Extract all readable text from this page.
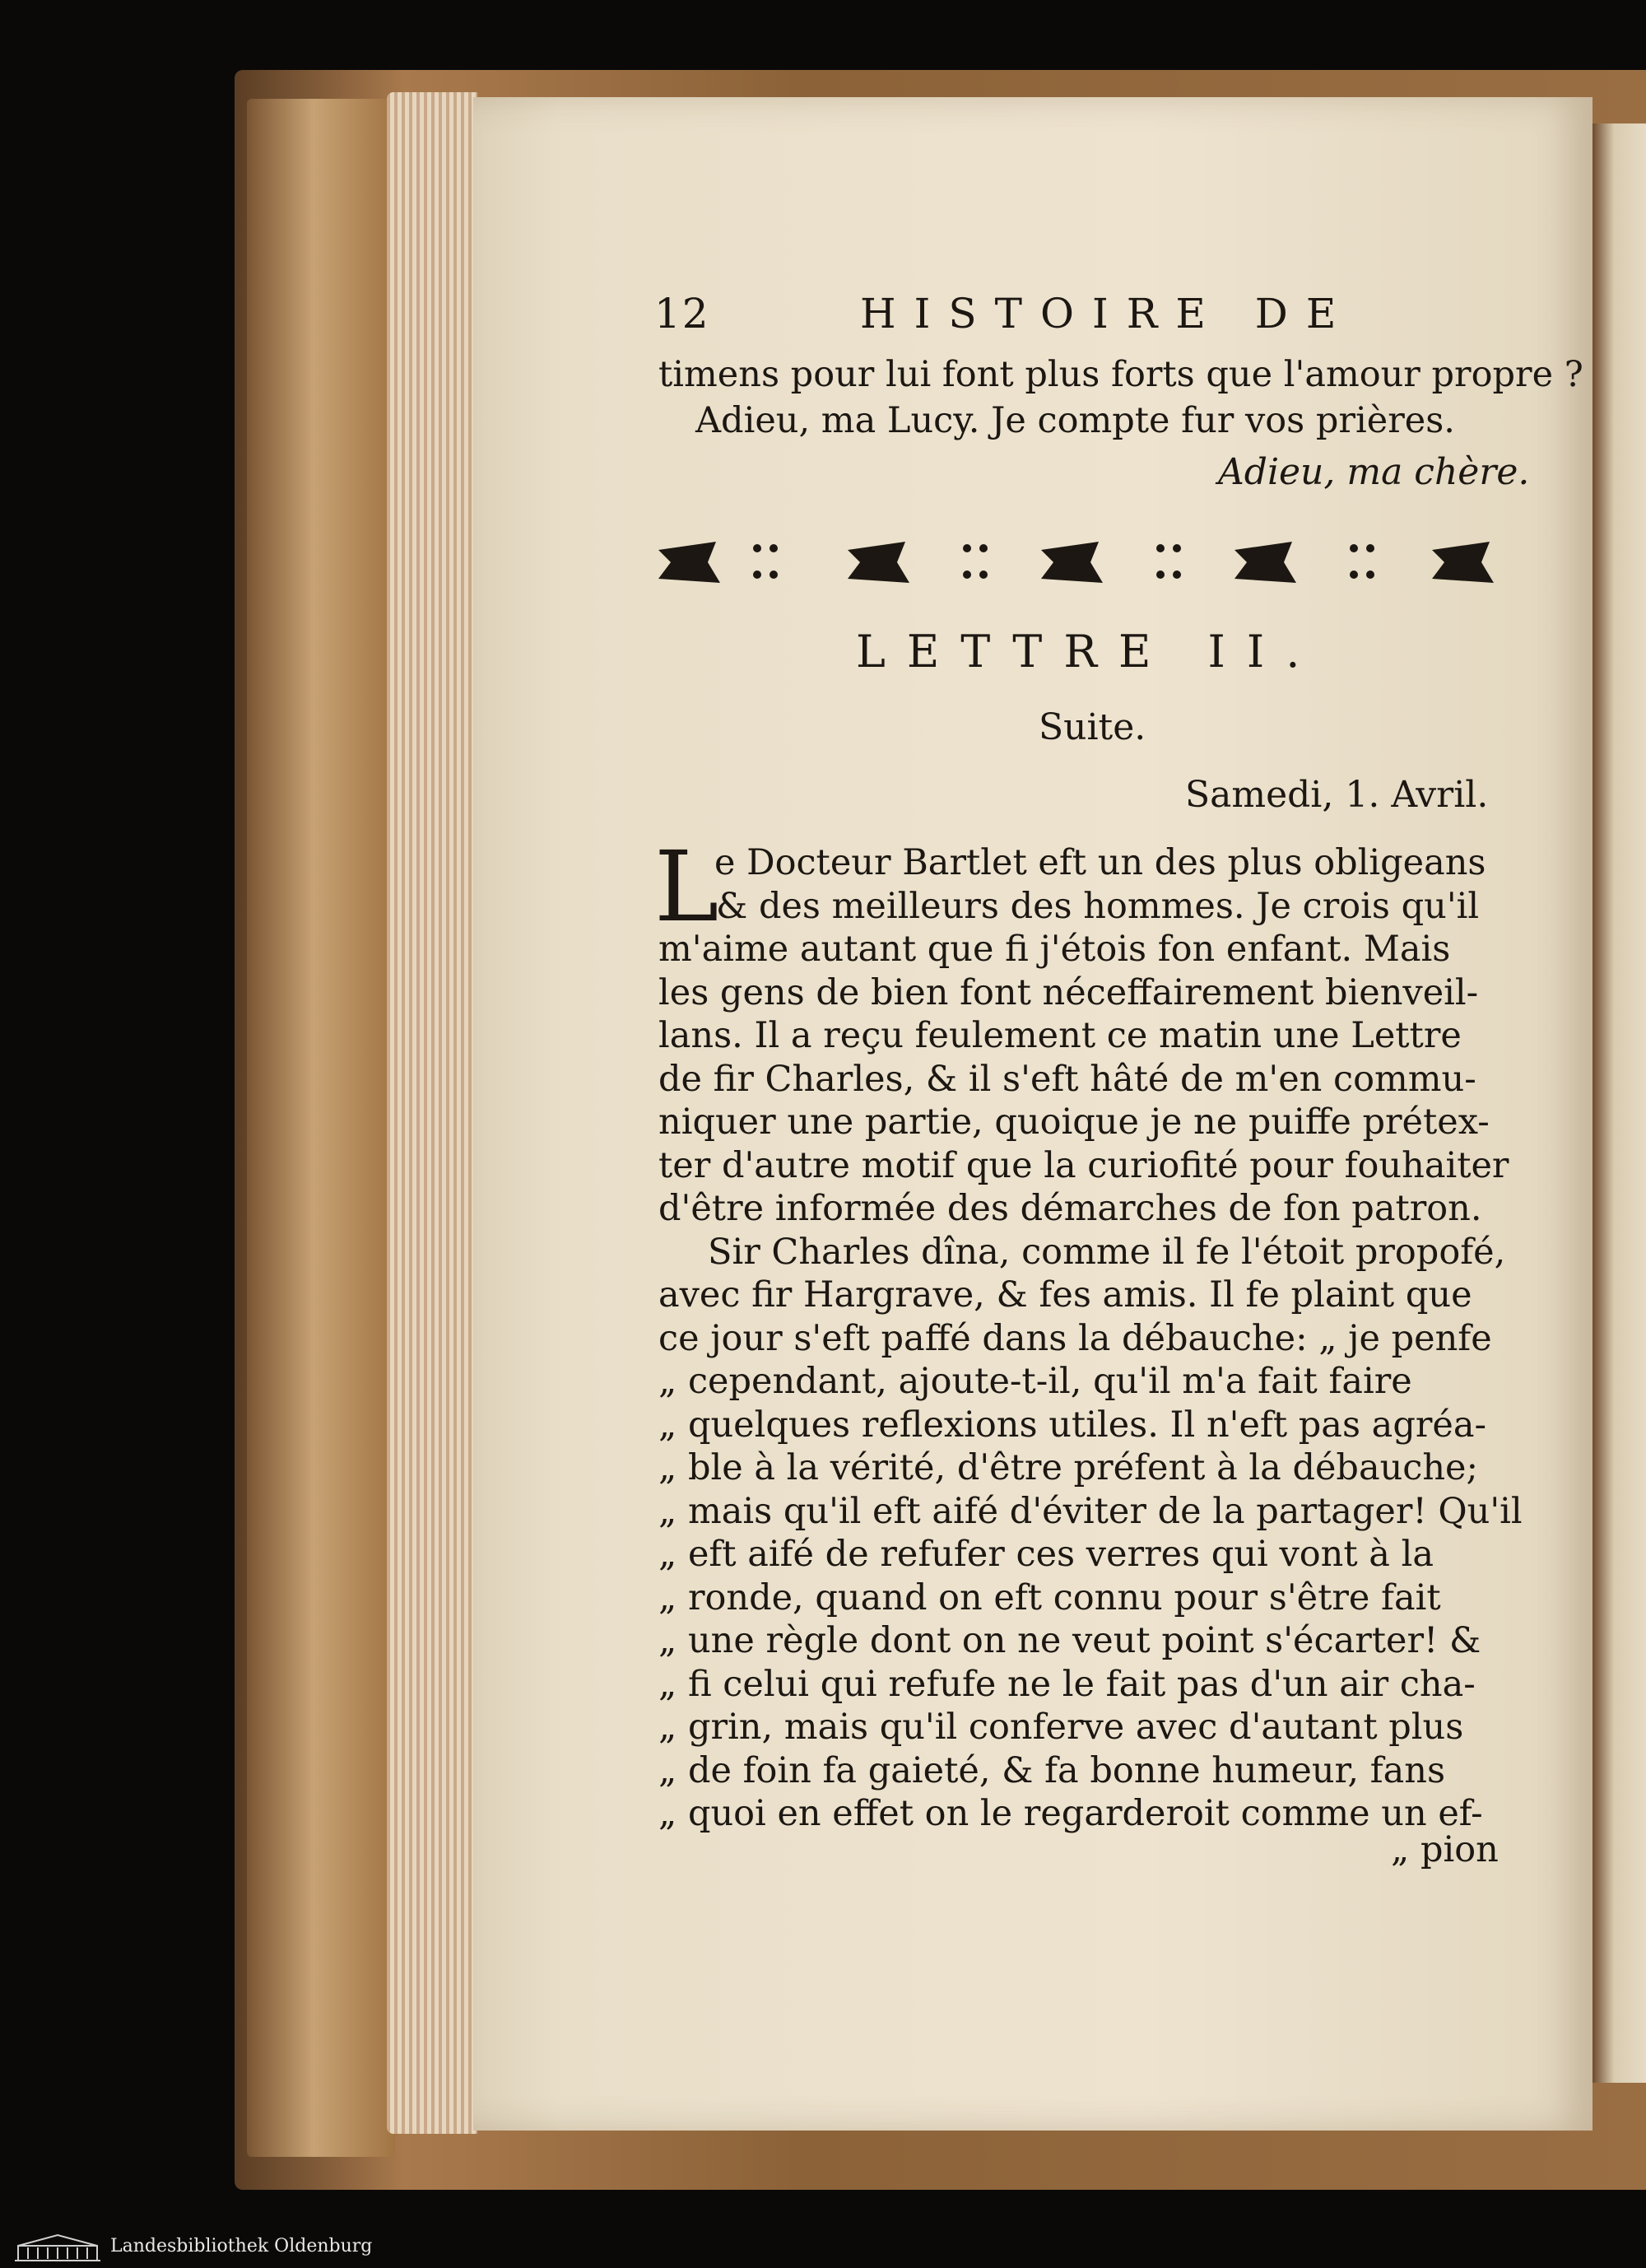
12	HISTOIRE DE
timens pour lui font plus forts que l'amour propre ?
Adieu, ma Lucy. Je compte fur vos prières.
Adieu, ma chère.
LETTRE II.
Suite.
Samedi, 1. Avril.
L
e Docteur Bartlet eft un des plus obligeans
& des meilleurs des hommes. Je crois qu'il
m'aime autant que fi j'étois fon enfant. Mais
les gens de bien font néceffairement bienveil-
lans. Il a reçu feulement ce matin une Lettre
de fir Charles, & il s'eft hâté de m'en commu-
niquer une partie, quoique je ne puiffe prétex-
ter d'autre motif que la curiofité pour fouhaiter
d'être informée des démarches de fon patron.
Sir Charles dîna, comme il fe l'étoit propofé,
avec fir Hargrave, & fes amis. Il fe plaint que
ce jour s'eft paffé dans la débauche: „ je penfe
„ cependant, ajoute-t-il, qu'il m'a fait faire
„ quelques reflexions utiles. Il n'eft pas agréa-
„ ble à la vérité, d'être préfent à la débauche;
„ mais qu'il eft aifé d'éviter de la partager! Qu'il
„ eft aifé de refufer ces verres qui vont à la
„ ronde, quand on eft connu pour s'être fait
„ une règle dont on ne veut point s'écarter! &
„ fi celui qui refufe ne le fait pas d'un air cha-
„ grin, mais qu'il conferve avec d'autant plus
„ de foin fa gaieté, & fa bonne humeur, fans
„ quoi en effet on le regarderoit comme un ef-
„ pion
Landesbibliothek Oldenburg
